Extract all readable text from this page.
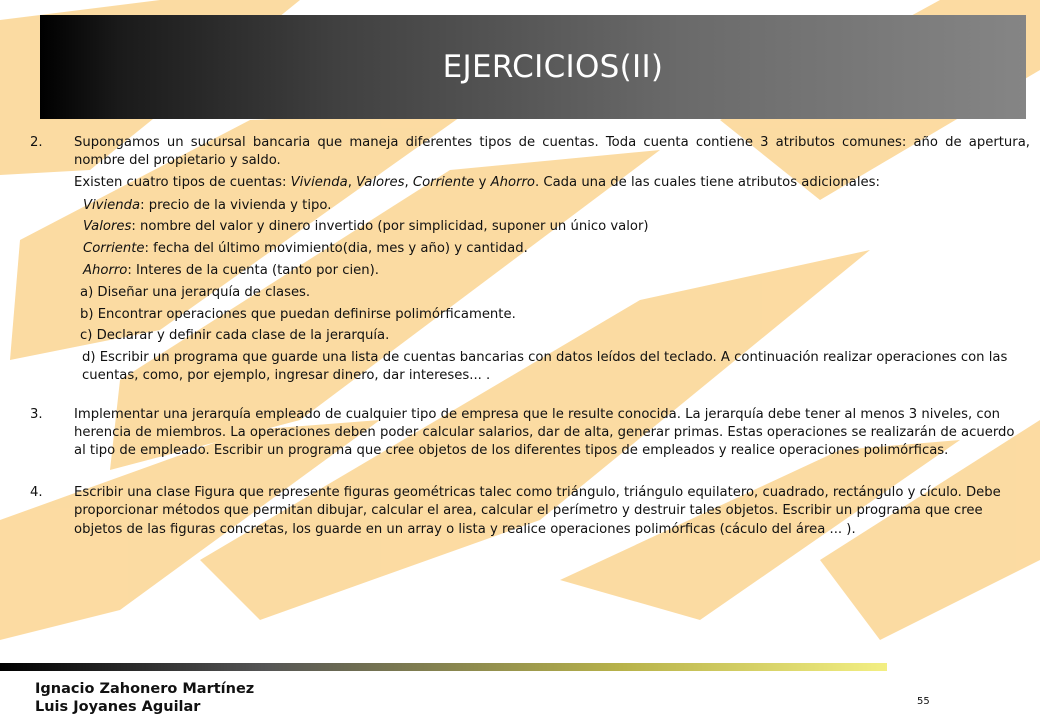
EJERCICIOS(II)
2. Supongamos un sucursal bancaria que maneja diferentes tipos de cuentas. Toda cuenta contiene 3 atributos comunes: año de apertura, nombre del propietario y saldo.

Existen cuatro tipos de cuentas: Vivienda, Valores, Corriente y Ahorro. Cada una de las cuales tiene atributos adicionales:

Vivienda: precio de la vivienda y tipo.

Valores: nombre del valor y dinero invertido (por simplicidad, suponer un único valor)

Corriente: fecha del último movimiento(dia, mes y año) y cantidad.

Ahorro: Interes de la cuenta (tanto por cien).

a) Diseñar una jerarquía de clases.

b) Encontrar operaciones que puedan definirse polimórficamente.

c) Declarar y definir cada clase de la jerarquía.

d) Escribir un programa que guarde una lista de cuentas bancarias con datos leídos del teclado. A continuación realizar operaciones con las cuentas, como, por ejemplo, ingresar dinero, dar intereses... .

3. Implementar una jerarquía empleado de cualquier tipo de empresa que le resulte conocida. La jerarquía debe tener al menos 3 niveles, con herencia de miembros. La operaciones deben poder calcular salarios, dar de alta, generar primas. Estas operaciones se realizarán de acuerdo al tipo de empleado. Escribir un programa que cree objetos de los diferentes tipos de empleados y realice operaciones polimórficas.

4. Escribir una clase Figura que represente figuras geométricas talec como triángulo, triángulo equilatero, cuadrado, rectángulo y cículo. Debe proporcionar métodos que permitan dibujar, calcular el area, calcular el perímetro y destruir tales objetos. Escribir un programa que cree objetos de las figuras concretas, los guarde en un array o lista y realice operaciones polimórficas (cáculo del área ... ).

Ignacio Zahonero Martínez
Luis Joyanes Aguilar	55
